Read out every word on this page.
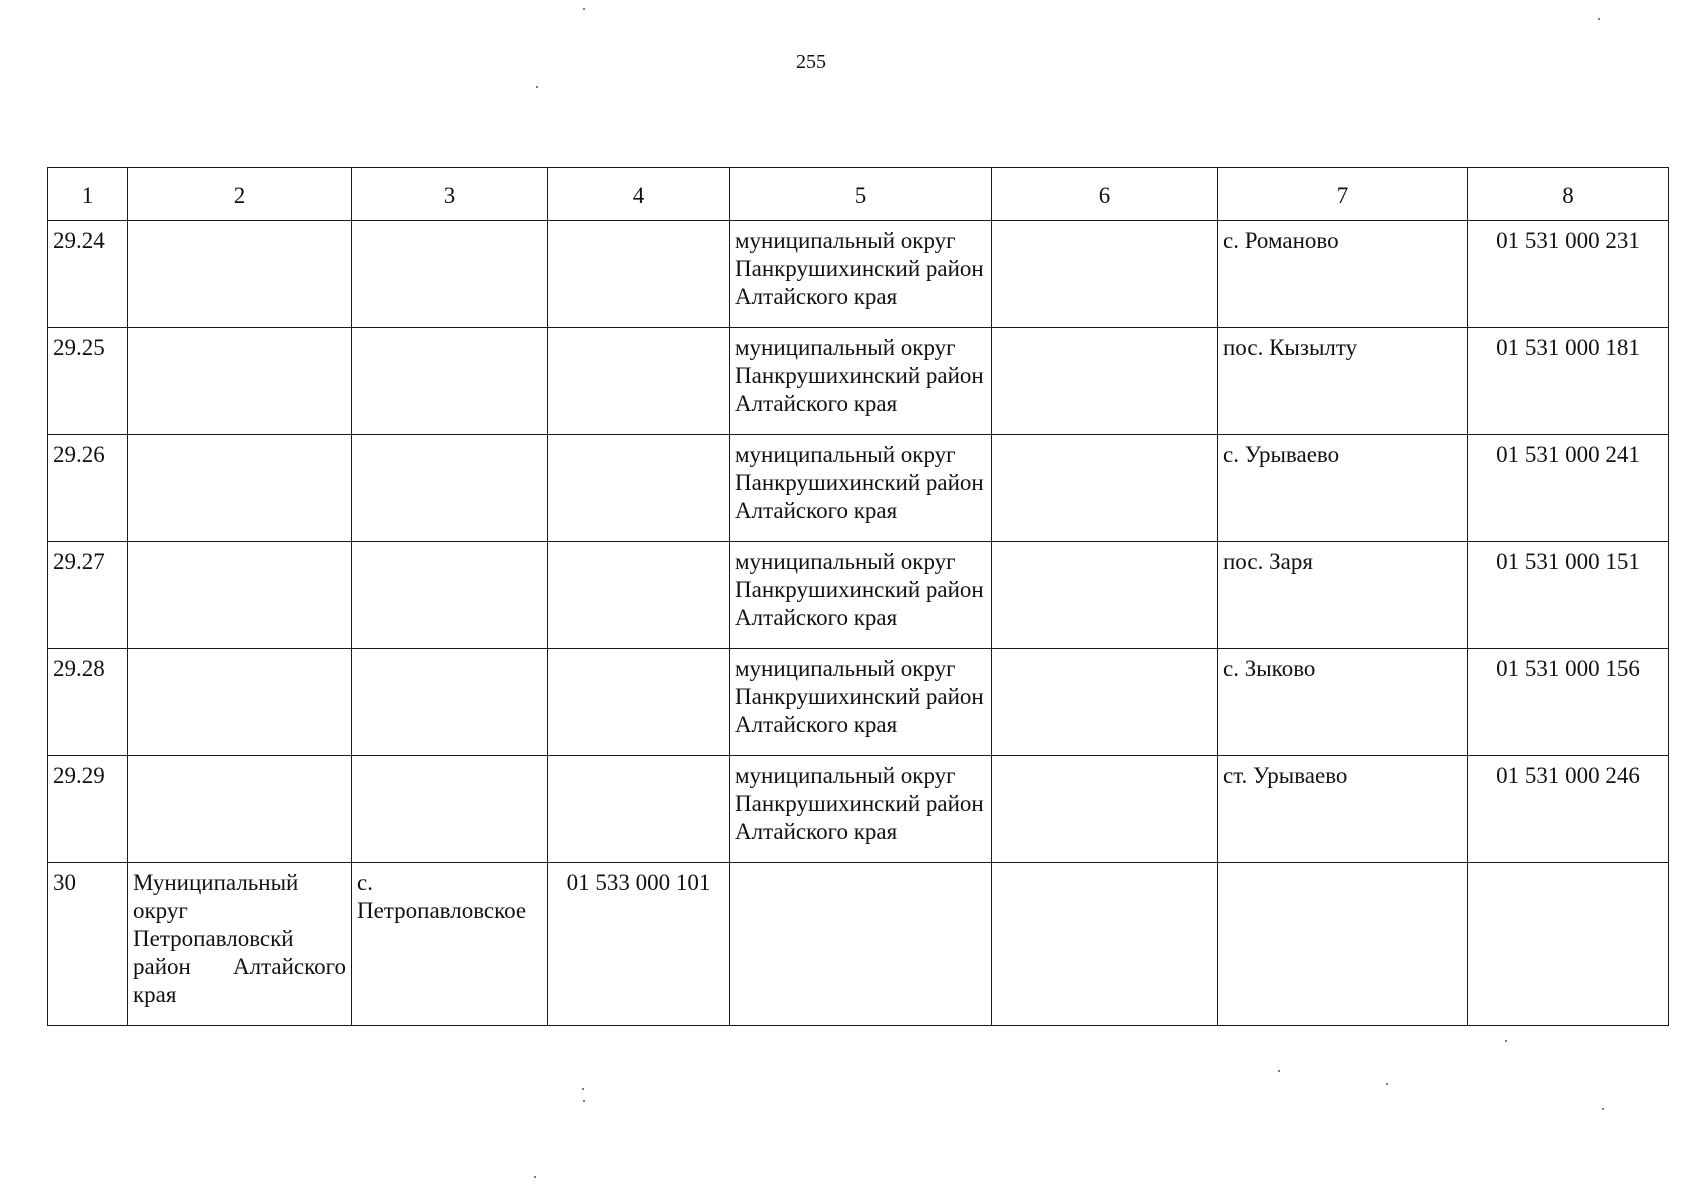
255
1	2	3	4	5	6	7	8
29.24				муниципальный округ Панкрушихинский район Алтайского края		с. Романово	01 531 000 231
29.25				муниципальный округ Панкрушихинский район Алтайского края		пос. Кызылту	01 531 000 181
29.26				муниципальный округ Панкрушихинский район Алтайского края		с. Урываево	01 531 000 241
29.27				муниципальный округ Панкрушихинский район Алтайского края		пос. Заря	01 531 000 151
29.28				муниципальный округ Панкрушихинский район Алтайского края		с. Зыково	01 531 000 156
29.29				муниципальный округ Панкрушихинский район Алтайского края		ст. Урываево	01 531 000 246
30	Муниципальный округ Петропавловскй район Алтайского края	с. Петропавловское	01 533 000 101				
